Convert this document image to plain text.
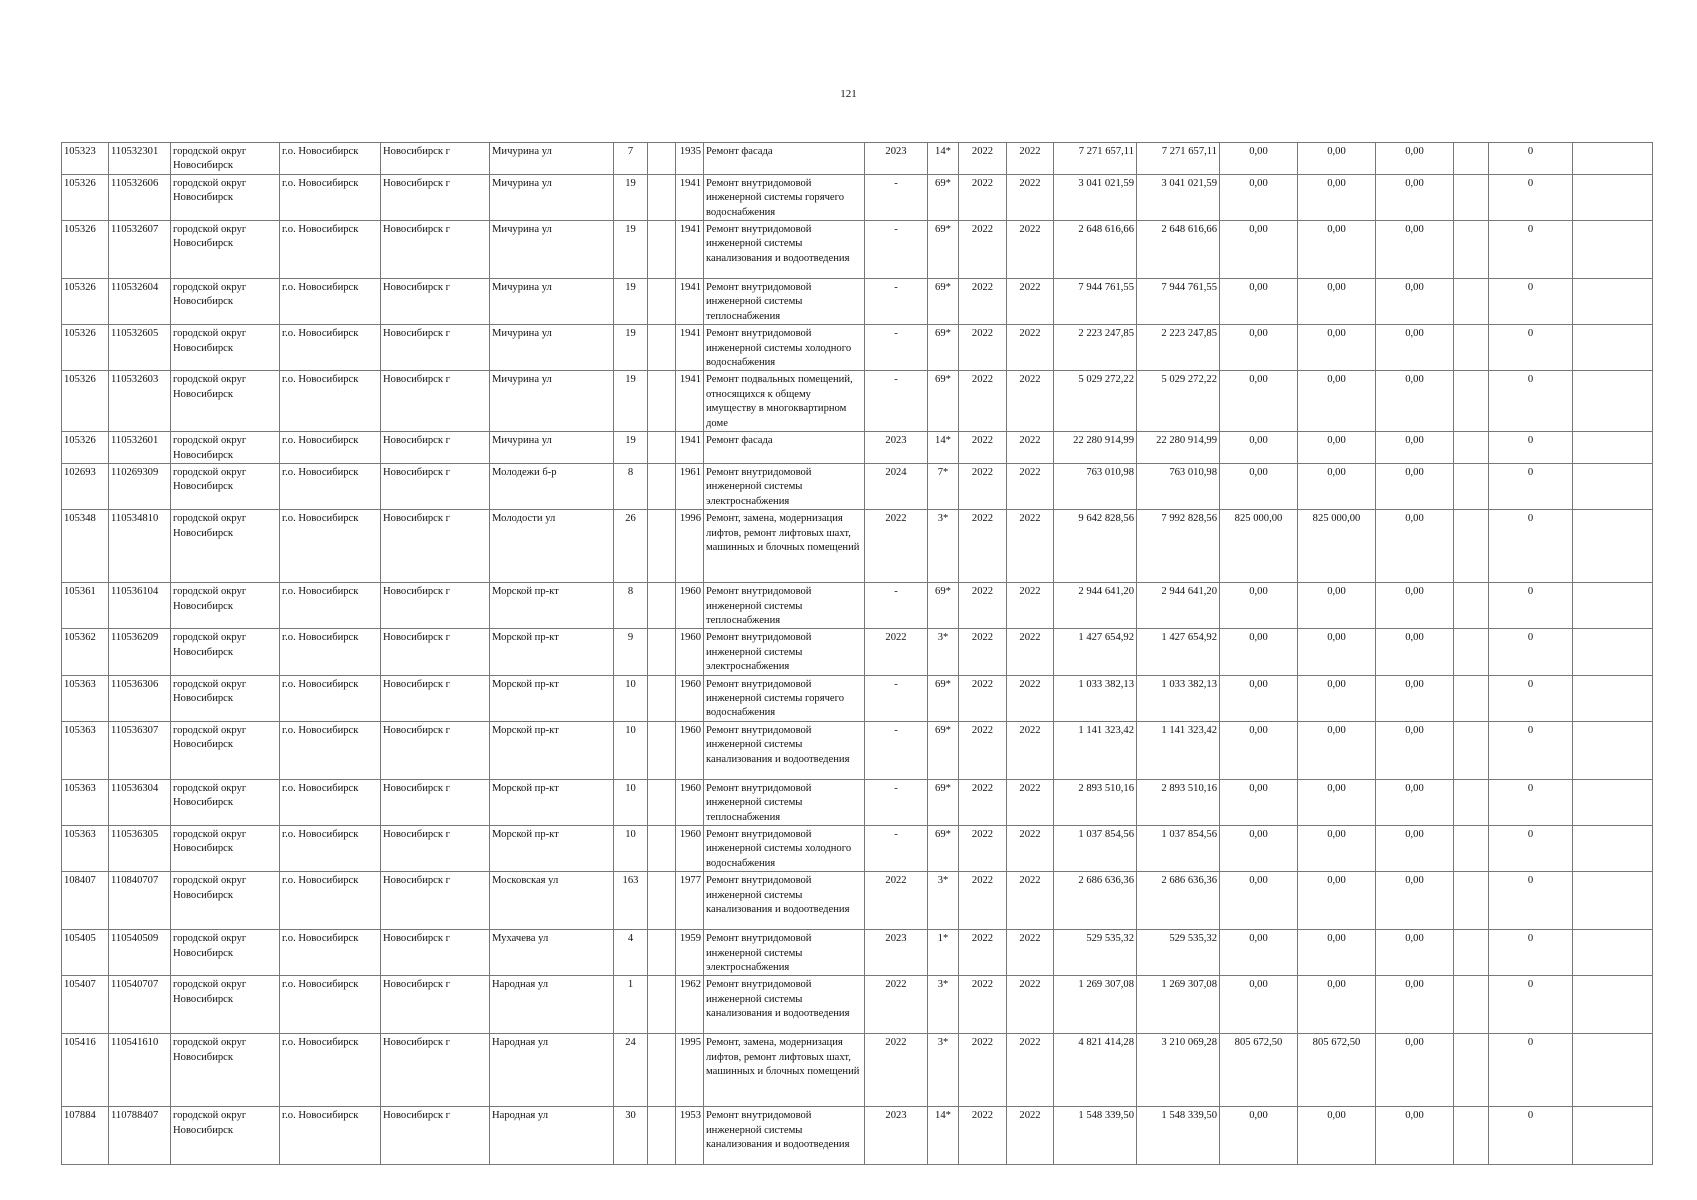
121
105323	110532301	городской округ Новосибирск	г.о. Новосибирск	Новосибирск г	Мичурина ул	7		1935	Ремонт фасада	2023	14*	2022	2022	7 271 657,11	7 271 657,11	0,00	0,00	0,00		0	
105326	110532606	городской округ Новосибирск	г.о. Новосибирск	Новосибирск г	Мичурина ул	19		1941	Ремонт внутридомовой инженерной системы горячего водоснабжения	-	69*	2022	2022	3 041 021,59	3 041 021,59	0,00	0,00	0,00		0	
105326	110532607	городской округ Новосибирск	г.о. Новосибирск	Новосибирск г	Мичурина ул	19		1941	Ремонт внутридомовой инженерной системы канализования и водоотведения	-	69*	2022	2022	2 648 616,66	2 648 616,66	0,00	0,00	0,00		0	
105326	110532604	городской округ Новосибирск	г.о. Новосибирск	Новосибирск г	Мичурина ул	19		1941	Ремонт внутридомовой инженерной системы теплоснабжения	-	69*	2022	2022	7 944 761,55	7 944 761,55	0,00	0,00	0,00		0	
105326	110532605	городской округ Новосибирск	г.о. Новосибирск	Новосибирск г	Мичурина ул	19		1941	Ремонт внутридомовой инженерной системы холодного водоснабжения	-	69*	2022	2022	2 223 247,85	2 223 247,85	0,00	0,00	0,00		0	
105326	110532603	городской округ Новосибирск	г.о. Новосибирск	Новосибирск г	Мичурина ул	19		1941	Ремонт подвальных помещений, относящихся к общему имуществу в многоквартирном доме	-	69*	2022	2022	5 029 272,22	5 029 272,22	0,00	0,00	0,00		0	
105326	110532601	городской округ Новосибирск	г.о. Новосибирск	Новосибирск г	Мичурина ул	19		1941	Ремонт фасада	2023	14*	2022	2022	22 280 914,99	22 280 914,99	0,00	0,00	0,00		0	
102693	110269309	городской округ Новосибирск	г.о. Новосибирск	Новосибирск г	Молодежи б-р	8		1961	Ремонт внутридомовой инженерной системы электроснабжения	2024	7*	2022	2022	763 010,98	763 010,98	0,00	0,00	0,00		0	
105348	110534810	городской округ Новосибирск	г.о. Новосибирск	Новосибирск г	Молодости ул	26		1996	Ремонт, замена, модернизация лифтов, ремонт лифтовых шахт, машинных и блочных помещений	2022	3*	2022	2022	9 642 828,56	7 992 828,56	825 000,00	825 000,00	0,00		0	
105361	110536104	городской округ Новосибирск	г.о. Новосибирск	Новосибирск г	Морской пр-кт	8		1960	Ремонт внутридомовой инженерной системы теплоснабжения	-	69*	2022	2022	2 944 641,20	2 944 641,20	0,00	0,00	0,00		0	
105362	110536209	городской округ Новосибирск	г.о. Новосибирск	Новосибирск г	Морской пр-кт	9		1960	Ремонт внутридомовой инженерной системы электроснабжения	2022	3*	2022	2022	1 427 654,92	1 427 654,92	0,00	0,00	0,00		0	
105363	110536306	городской округ Новосибирск	г.о. Новосибирск	Новосибирск г	Морской пр-кт	10		1960	Ремонт внутридомовой инженерной системы горячего водоснабжения	-	69*	2022	2022	1 033 382,13	1 033 382,13	0,00	0,00	0,00		0	
105363	110536307	городской округ Новосибирск	г.о. Новосибирск	Новосибирск г	Морской пр-кт	10		1960	Ремонт внутридомовой инженерной системы канализования и водоотведения	-	69*	2022	2022	1 141 323,42	1 141 323,42	0,00	0,00	0,00		0	
105363	110536304	городской округ Новосибирск	г.о. Новосибирск	Новосибирск г	Морской пр-кт	10		1960	Ремонт внутридомовой инженерной системы теплоснабжения	-	69*	2022	2022	2 893 510,16	2 893 510,16	0,00	0,00	0,00		0	
105363	110536305	городской округ Новосибирск	г.о. Новосибирск	Новосибирск г	Морской пр-кт	10		1960	Ремонт внутридомовой инженерной системы холодного водоснабжения	-	69*	2022	2022	1 037 854,56	1 037 854,56	0,00	0,00	0,00		0	
108407	110840707	городской округ Новосибирск	г.о. Новосибирск	Новосибирск г	Московская ул	163		1977	Ремонт внутридомовой инженерной системы канализования и водоотведения	2022	3*	2022	2022	2 686 636,36	2 686 636,36	0,00	0,00	0,00		0	
105405	110540509	городской округ Новосибирск	г.о. Новосибирск	Новосибирск г	Мухачева ул	4		1959	Ремонт внутридомовой инженерной системы электроснабжения	2023	1*	2022	2022	529 535,32	529 535,32	0,00	0,00	0,00		0	
105407	110540707	городской округ Новосибирск	г.о. Новосибирск	Новосибирск г	Народная ул	1		1962	Ремонт внутридомовой инженерной системы канализования и водоотведения	2022	3*	2022	2022	1 269 307,08	1 269 307,08	0,00	0,00	0,00		0	
105416	110541610	городской округ Новосибирск	г.о. Новосибирск	Новосибирск г	Народная ул	24		1995	Ремонт, замена, модернизация лифтов, ремонт лифтовых шахт, машинных и блочных помещений	2022	3*	2022	2022	4 821 414,28	3 210 069,28	805 672,50	805 672,50	0,00		0	
107884	110788407	городской округ Новосибирск	г.о. Новосибирск	Новосибирск г	Народная ул	30		1953	Ремонт внутридомовой инженерной системы канализования и водоотведения	2023	14*	2022	2022	1 548 339,50	1 548 339,50	0,00	0,00	0,00		0	
